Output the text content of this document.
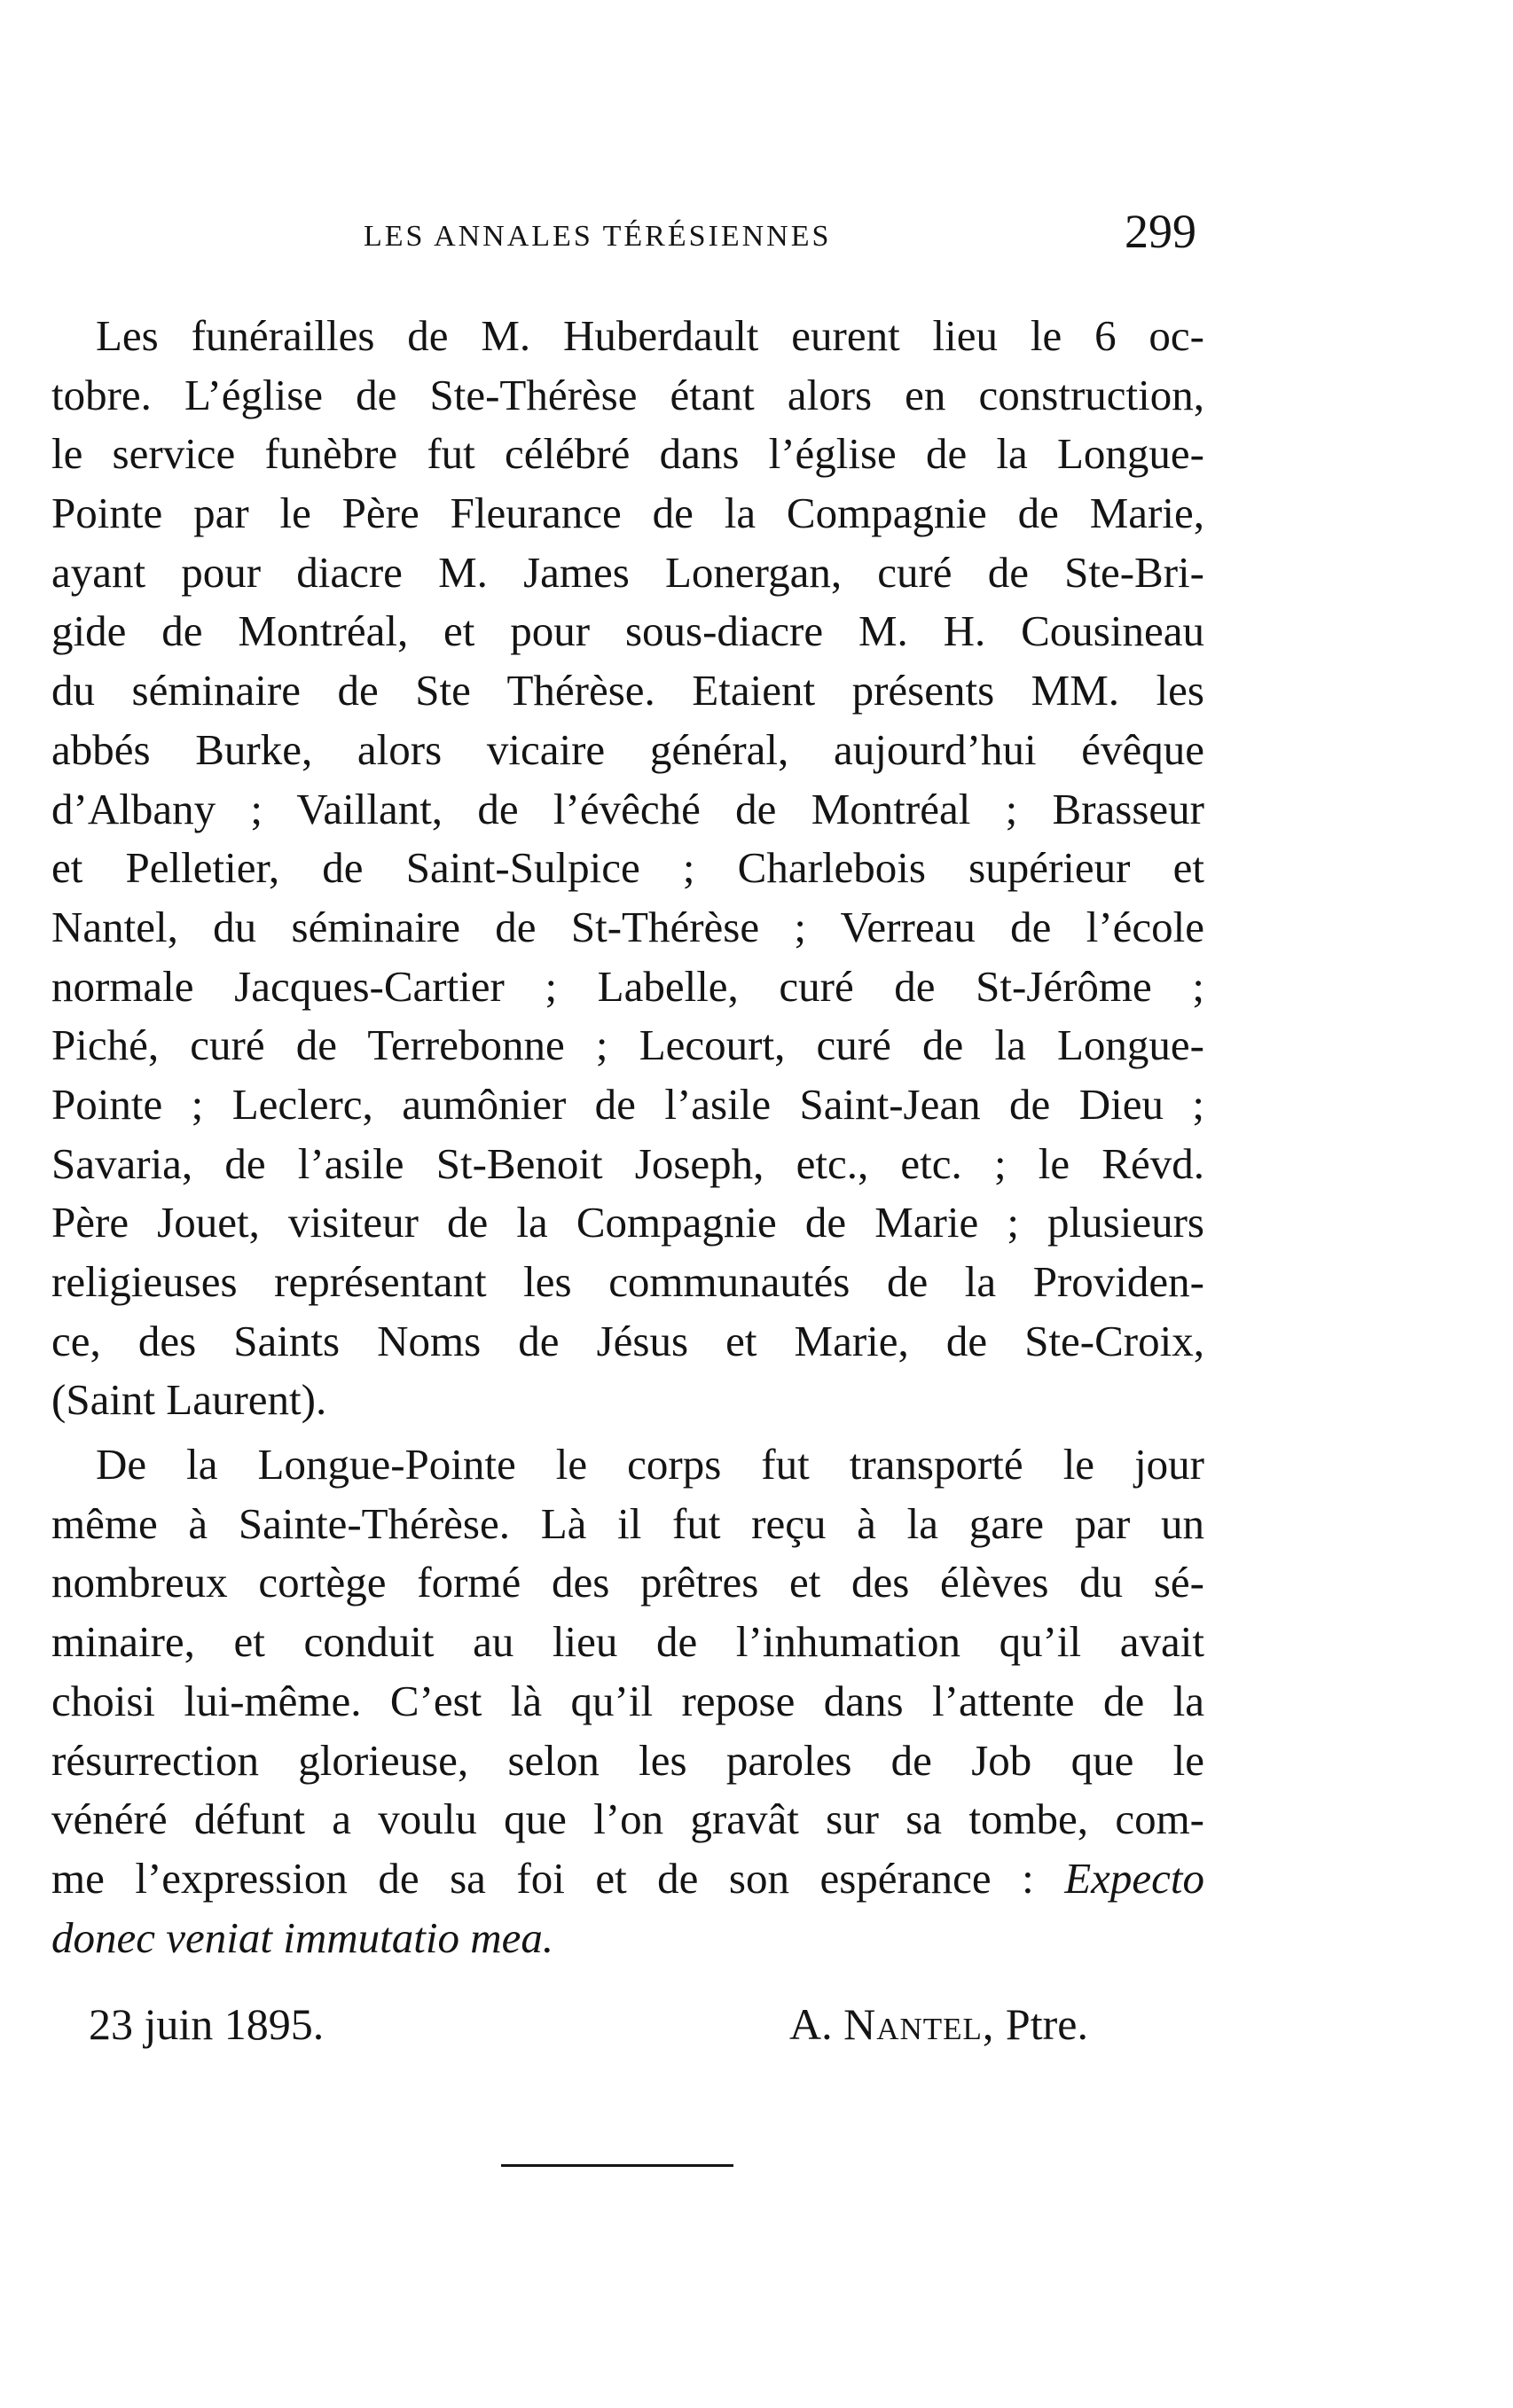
LES ANNALES TÉRÉSIENNES	299
Les funérailles de M. Huberdault eurent lieu le 6 oc-
tobre. L’église de Ste-Thérèse étant alors en construction,
le service funèbre fut célébré dans l’église de la Longue-
Pointe par le Père Fleurance de la Compagnie de Marie,
ayant pour diacre M. James Lonergan, curé de Ste-Bri-
gide de Montréal, et pour sous-diacre M. H. Cousineau
du séminaire de Ste Thérèse. Etaient présents MM. les
abbés Burke, alors vicaire général, aujourd’hui évêque
d’Albany ; Vaillant, de l’évêché de Montréal ; Brasseur
et Pelletier, de Saint-Sulpice ; Charlebois supérieur et
Nantel, du séminaire de St-Thérèse ; Verreau de l’école
normale Jacques-Cartier ; Labelle, curé de St-Jérôme ;
Piché, curé de Terrebonne ; Lecourt, curé de la Longue-
Pointe ; Leclerc, aumônier de l’asile Saint-Jean de Dieu ;
Savaria, de l’asile St-Benoit Joseph, etc., etc. ; le Révd.
Père Jouet, visiteur de la Compagnie de Marie ; plusieurs
religieuses représentant les communautés de la Providen-
ce, des Saints Noms de Jésus et Marie, de Ste-Croix,
(Saint Laurent).
De la Longue-Pointe le corps fut transporté le jour
même à Sainte-Thérèse. Là il fut reçu à la gare par un
nombreux cortège formé des prêtres et des élèves du sé-
minaire, et conduit au lieu de l’inhumation qu’il avait
choisi lui-même. C’est là qu’il repose dans l’attente de la
résurrection glorieuse, selon les paroles de Job que le
vénéré défunt a voulu que l’on gravât sur sa tombe, com-
me l’expression de sa foi et de son espérance : Expecto
donec veniat immutatio mea.
23 juin 1895.	A. Nantel, Ptre.
